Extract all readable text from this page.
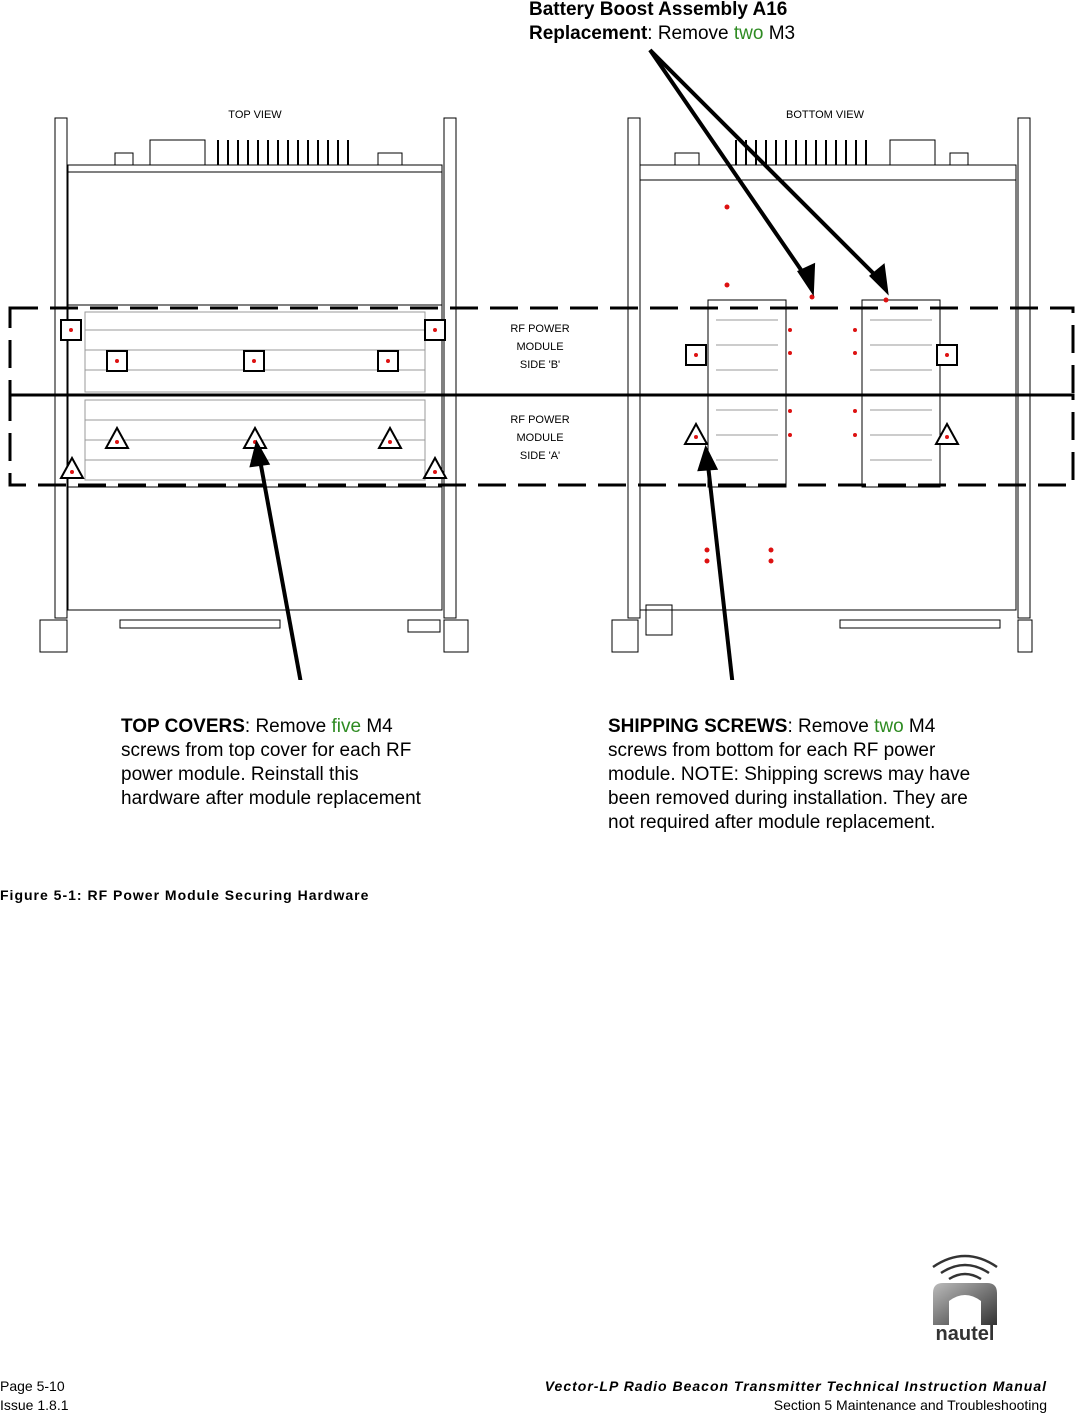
TOP VIEW	BOTTOM VIEW
RF POWER
MODULE
SIDE 'B'
RF POWER
MODULE
SIDE 'A'
Battery Boost Assembly A16
Replacement: Remove two M3
TOP COVERS: Remove five M4
screws from top cover for each RF
power module. Reinstall this
hardware after module replacement
SHIPPING SCREWS: Remove two M4
screws from bottom for each RF power
module. NOTE: Shipping screws may have
been removed during installation. They are
not required after module replacement.
Figure 5-1: RF Power Module Securing Hardware
nautel
Page 5-10
Issue 1.8.1
Vector-LP Radio Beacon Transmitter Technical Instruction Manual
Section 5 Maintenance and Troubleshooting
